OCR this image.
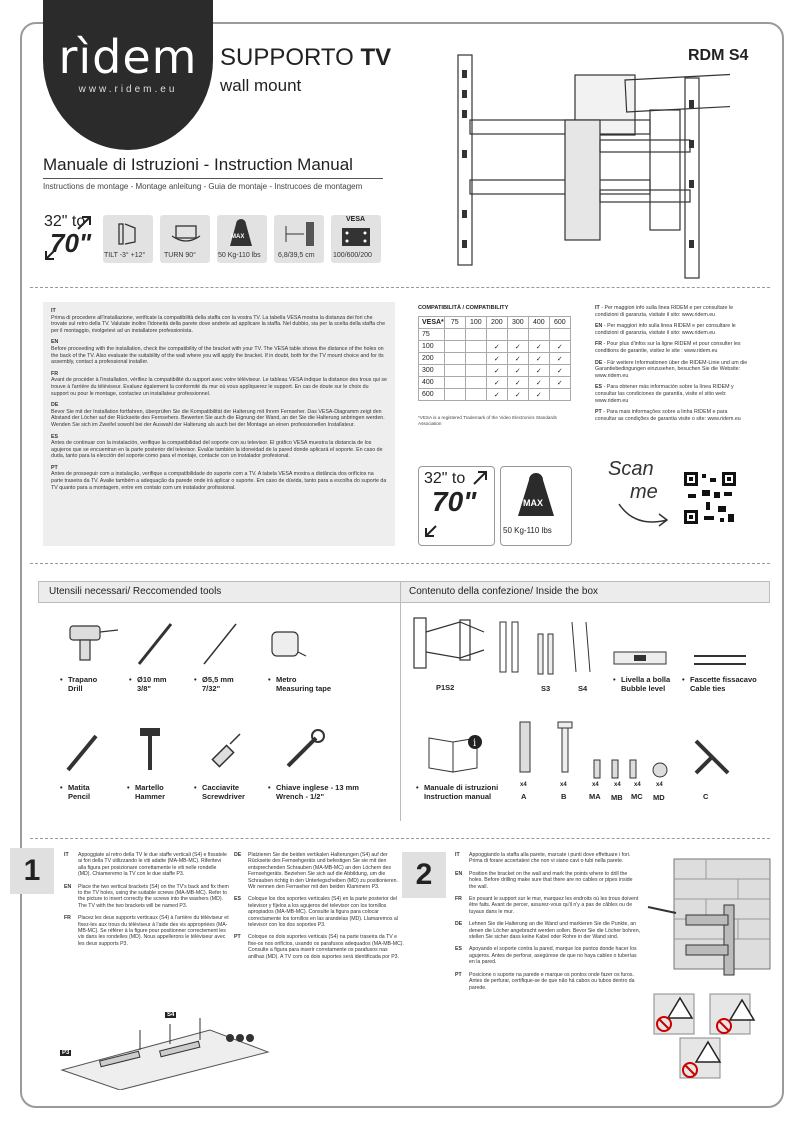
rìdem
www.ridem.eu
SUPPORTO TV
wall mount
RDM S4
Manuale di Istruzioni - Instruction Manual
Instructions de montage - Montage anleitung - Guia de montaje - Instrucoes de montagem
32" to
70" TILT -3° +12°	TURN 90°
MAX
50 Kg-110 lbs 6,8/39,5 cm
VESA
100/600/200
IT
Prima di procedere all'installazione, verificate la compatibilità della staffa con la vostra TV. La tabella VESA mostra la distanza dei fori che trovate sul retro della TV. Valutate inoltre l'idoneità della parete dove andrete ad applicare la staffa. Nel dubbio, sia per la scelta della staffa che per il montaggio, rivolgetevi ad un installatore professionista.
EN
Before proceeding with the installation, check the compatibility of the bracket with your TV. The VESA table shows the distance of the holes on the back of the TV. Also evaluate the suitability of the wall where you will apply the bracket. If in doubt, both for the TV mount choice and for its assembly, contact a professional installer.
FR
Avant de procéder à l'installation, vérifiez la compatibilité du support avec votre téléviseur. Le tableau VESA indique la distance des trous qui se trouve à l'arrière du téléviseur. Evaluez également la conformité du mur où vous appliquerez le support. En cas de doute sur le choix du support ou pour le montage, contactez un installateur professionnel.
DE
Bevor Sie mit der Installation fortfahren, überprüfen Sie die Kompatibilität der Halterung mit Ihrem Fernseher. Das VESA-Diagramm zeigt den Abstand der Löcher auf der Rückseite des Fernsehers. Bewerten Sie auch die Eignung der Wand, an der Sie die Halterung anbringen werden. Wenden Sie sich im Zweifel sowohl bei der Auswahl der Halterung als auch bei der Montage an einen professionellen Installateur.
ES
Antes de continuar con la instalación, verifique la compatibilidad del soporte con su televisor. El gráfico VESA muestra la distancia de los agujeros que se encuentran en la parte posterior del televisor. Evalúe también la idoneidad de la pared donde aplicará el soporte. En caso de duda, tanto para la elección del soporte como para el montaje, contacte con un instalador profesional.
PT
Antes de prosseguir com a instalação, verifique a compatibilidade do suporte com a TV. A tabela VESA mostra a distância dos orifícios na parte traseira da TV. Avalie também a adequação da parede onde irá aplicar o suporte. Em caso de dúvida, tanto para a escolha do suporte da TV quanto para a montagem, entre em contato com um instalador profissional.
COMPATIBILITÀ / COMPATIBILITY
VESA*	75	100	200	300	400	600
75						
100			✓	✓	✓	✓
200			✓	✓	✓	✓
300			✓	✓	✓	✓
400			✓	✓	✓	✓
600			✓	✓	✓	
*VESA is a registered Trademark of the Video Electronics Standards Association

IT - Per maggiori info sulla linea RIDEM e per consultare le condizioni di garanzia, visitate il sito: www.ridem.eu

EN - Per maggiori info sulla linea RIDEM e per consultare le condizioni di garanzia, visitate il sito: www.ridem.eu

FR - Pour plus d'infos sur la ligne RIDEM et pour consulter les conditions de garantie, visitez le site : www.ridem.eu

DE - Für weitere Informationen über die RIDEM-Linie und um die Garantiebedingungen einzusehen, besuchen Sie die Website: www.ridem.eu

ES - Para obtener más información sobre la línea RIDEM y consultar las condiciones de garantía, visite el sitio web: www.ridem.eu

PT - Para mais informações sobre a linha RIDEM e para consultar as condições de garantia visite o site: www.ridem.eu

32" to
70"	MAX
50 Kg-110 lbs
Scan
me
Utensili necessari/ Reccomended tools	Contenuto della confezione/ Inside the box
• Trapano
Drill
• Ø10 mm
3/8"
• Ø5,5 mm
7/32"
• Metro
Measuring tape
• Matita
Pencil
• Martello
Hammer
• Cacciavite
Screwdriver
• Chiave inglese - 13 mm
Wrench - 1/2"
P1S2	S3	S4
• Livella a bolla
Bubble level
• Fascette fissacavo
Cable ties
i
• Manuale di istruzioni
Instruction manual
x4
A
x4
B
x4
MA
x4
MB
x4
MC
x4
MD	C
1	IT Appoggiate al retro della TV le due staffe verticali (S4) e fissatele ai fori della TV utilizzando le viti adatte (MA-MB-MC). Riferitevi alla figura per posizionare correttamente le viti nelle rondelle (MD). Chiameremo la TV con le due staffe P3.
EN Place the two vertical brackets (S4) on the TV's back and fix them to the TV holes, using the suitable screws (MA-MB-MC). Refer to the picture to insert correctly the screws into the washers (MD). The TV with the two brackets will be named P3.
FR Placez les deux supports verticaux (S4) à l'arrière du téléviseur et fixez-les aux trous du téléviseur à l'aide des vis appropriées (MA-MB-MC). Se référer à la figure pour positionner correctement les vis dans les rondelles (MD). Nous appellerons le téléviseur avec les deux supports P3.
DE Platzieren Sie die beiden vertikalen Halterungen (S4) auf der Rückseite des Fernsehgeräts und befestigen Sie sie mit den entsprechenden Schrauben (MA-MB-MC) an den Löchern des Fernsehgeräts. Beziehen Sie sich auf die Abbildung, um die Schrauben richtig in den Unterlegscheiben (MD) zu positionieren. Wir nennen den Fernseher mit den beiden Klammern P3.
ES Coloque los dos soportes verticales (S4) en la parte posterior del televisor y fíjelos a los agujeros del televisor con los tornillos apropiados (MA-MB-MC). Consulte la figura para colocar correctamente los tornillos en las arandelas (MD). Llamaremos al televisor con los dos soportes P3.
PT Coloque os dois suportes verticais (S4) na parte traseira da TV e fixe-os nos orifícios, usando os parafusos adequados (MA-MB-MC). Consulte a figura para inserir corretamente os parafusos nas anilhas (MD). A TV com os dois suportes será identificada por P3.
S4
P3
2
IT Appoggiando la staffa alla parete, marcate i punti dove effettuare i fori. Prima di forare accertatevi che non vi siano cavi o tubi nella parete.
EN Position the bracket on the wall and mark the points where to drill the holes. Before drilling make sure that there are no cables or pipes inside the wall.
FR En posant le support sur le mur, marquez les endroits où les trous doivent être faits. Avant de percer, assurez-vous qu'il n'y a pas de câbles ou de tuyaux dans le mur.
DE Lehnen Sie die Halterung an die Wand und markieren Sie die Punkte, an denen die Löcher angebracht werden sollen. Bevor Sie die Löcher bohren, stellen Sie sicher dass keine Kabel oder Rohre in der Wand sind.
ES Apoyando el soporte contra la pared, marque los puntos donde hacer los agujeros. Antes de perforar, asegúrese de que no haya cables o tuberías en la pared.
PT Posicione o suporte na parede e marque os pontos onde fazer os furos. Antes de perfurar, certifique-se de que não há cabos ou tubos dentro da parede.
